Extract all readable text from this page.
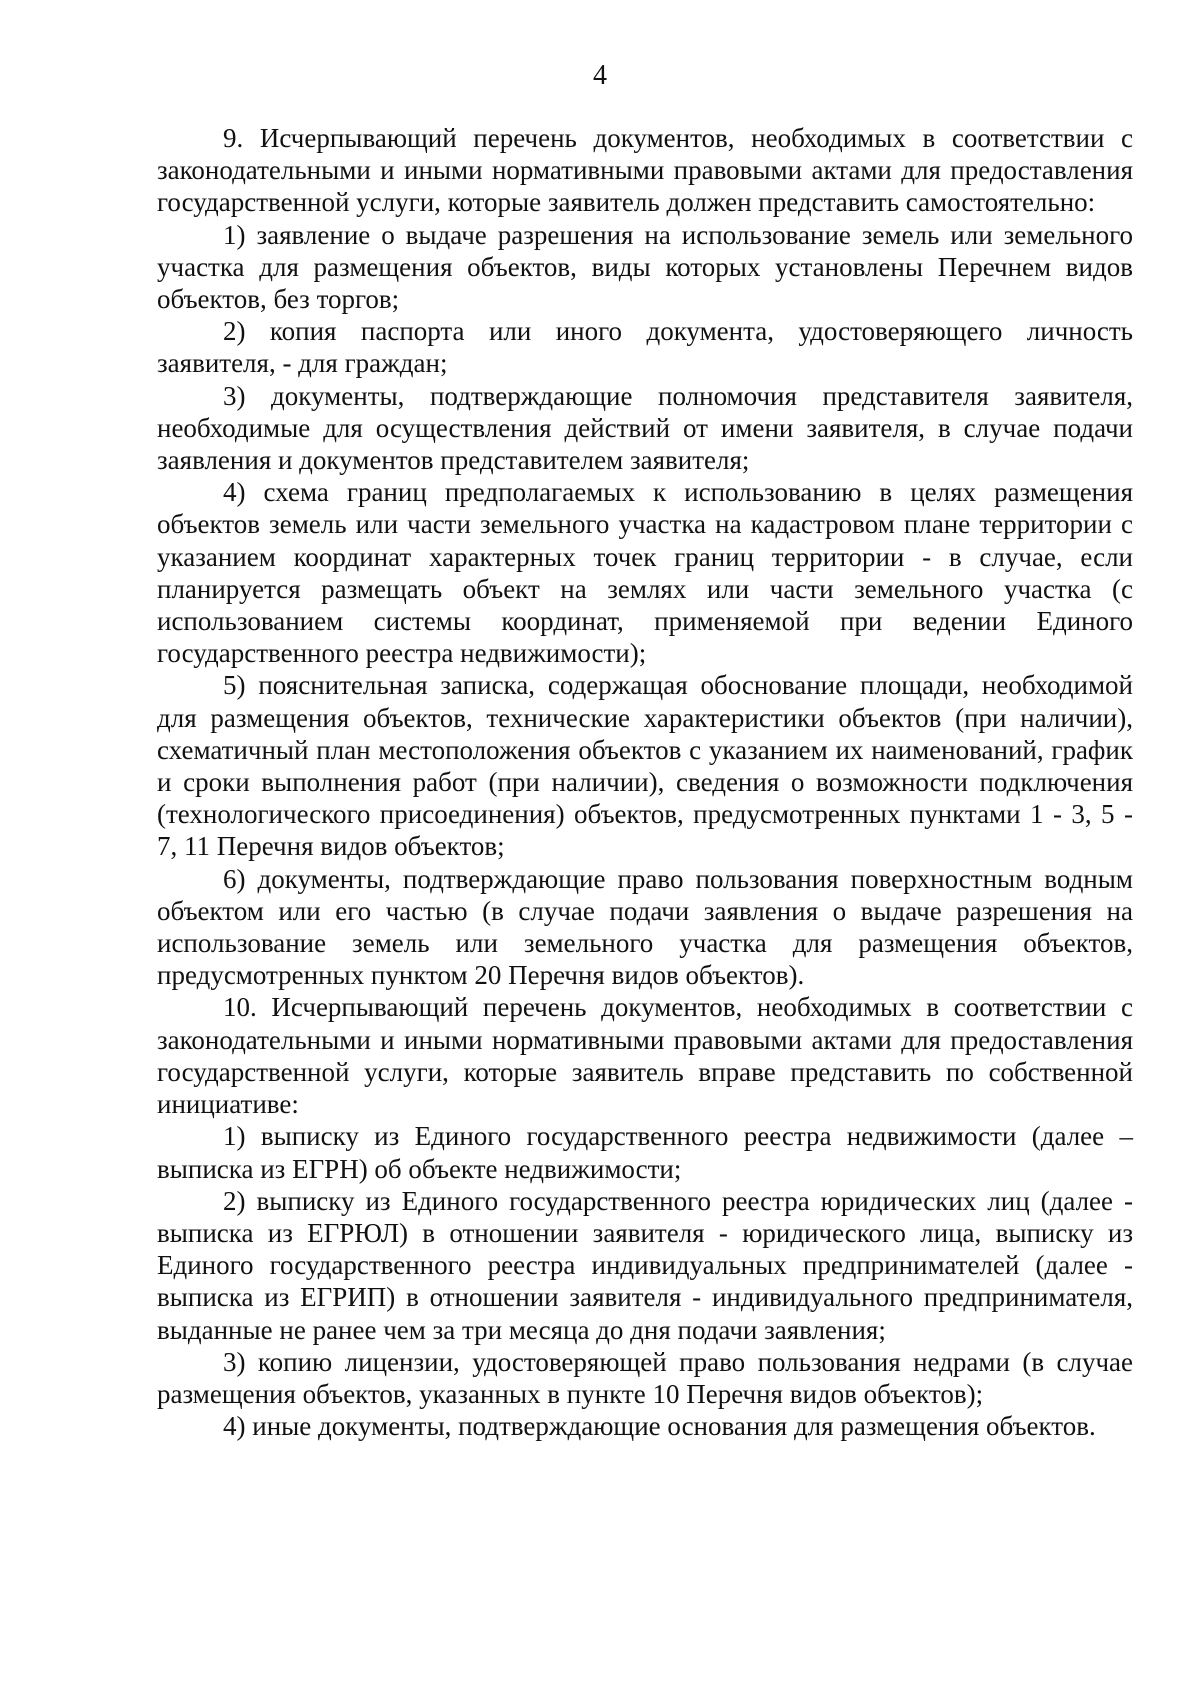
4

9. Исчерпывающий перечень документов, необходимых в соответствии с законодательными и иными нормативными правовыми актами для предоставления государственной услуги, которые заявитель должен представить самостоятельно:

1) заявление о выдаче разрешения на использование земель или земельного участка для размещения объектов, виды которых установлены Перечнем видов объектов, без торгов;

2) копия паспорта или иного документа, удостоверяющего личность заявителя, - для граждан;

3) документы, подтверждающие полномочия представителя заявителя, необходимые для осуществления действий от имени заявителя, в случае подачи заявления и документов представителем заявителя;

4) схема границ предполагаемых к использованию в целях размещения объектов земель или части земельного участка на кадастровом плане территории с указанием координат характерных точек границ территории - в случае, если планируется размещать объект на землях или части земельного участка (с использованием системы координат, применяемой при ведении Единого государственного реестра недвижимости);

5) пояснительная записка, содержащая обоснование площади, необходимой для размещения объектов, технические характеристики объектов (при наличии), схематичный план местоположения объектов с указанием их наименований, график и сроки выполнения работ (при наличии), сведения о возможности подключения (технологического присоединения) объектов, предусмотренных пунктами 1 - 3, 5 - 7, 11 Перечня видов объектов;

6) документы, подтверждающие право пользования поверхностным водным объектом или его частью (в случае подачи заявления о выдаче разрешения на использование земель или земельного участка для размещения объектов, предусмотренных пунктом 20 Перечня видов объектов).

10. Исчерпывающий перечень документов, необходимых в соответствии с законодательными и иными нормативными правовыми актами для предоставления государственной услуги, которые заявитель вправе представить по собственной инициативе:

1) выписку из Единого государственного реестра недвижимости (далее – выписка из ЕГРН) об объекте недвижимости;

2) выписку из Единого государственного реестра юридических лиц (далее - выписка из ЕГРЮЛ) в отношении заявителя - юридического лица, выписку из Единого государственного реестра индивидуальных предпринимателей (далее - выписка из ЕГРИП) в отношении заявителя - индивидуального предпринимателя, выданные не ранее чем за три месяца до дня подачи заявления;

3) копию лицензии, удостоверяющей право пользования недрами (в случае размещения объектов, указанных в пункте 10 Перечня видов объектов);

4) иные документы, подтверждающие основания для размещения объектов.
